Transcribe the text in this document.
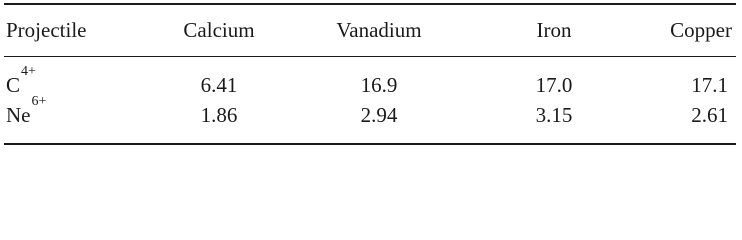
Projectile	Calcium	Vanadium	Iron	Copper
$C^{4+}$	6.41	16.9	17.0	17.1
$Ne^{6+}$	1.86	2.94	3.15	2.61
